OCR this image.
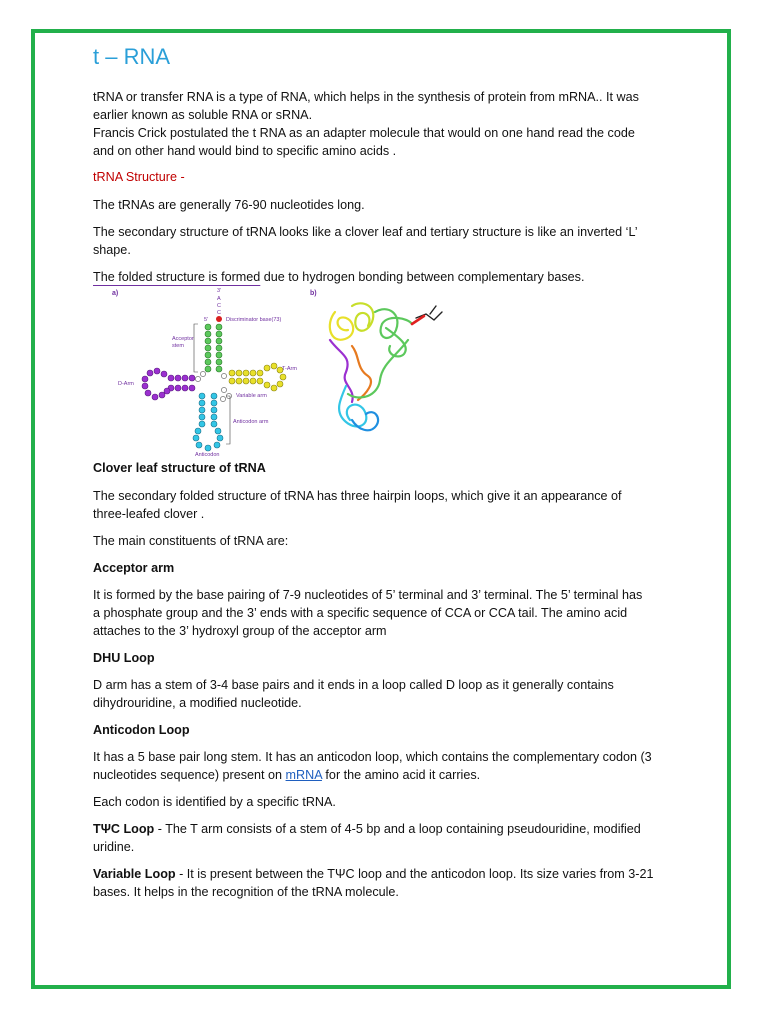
t – RNA

tRNA or transfer RNA is a type of RNA, which helps in the synthesis of protein from mRNA.. It was

earlier known as soluble RNA or sRNA.

Francis Crick postulated the t RNA as an adapter molecule that would on one hand read the code

and on other hand would bind to specific amino acids .

tRNA Structure -

The tRNAs are generally 76-90 nucleotides long.

The secondary structure of tRNA looks like a clover leaf and tertiary structure is like an inverted ‘L’

shape.

The folded structure is formed due to hydrogen bonding between complementary bases.

a)	b)
3'
A
C
C
5'	Discriminator base(73)
Acceptor
stem
D-Arm
T-Arm
Variable arm
Anticodon arm
Anticodon

Clover leaf structure of tRNA

The secondary folded structure of tRNA has three hairpin loops, which give it an appearance of

three-leafed clover .

The main constituents of tRNA are:

Acceptor arm

It is formed by the base pairing of 7-9 nucleotides of 5’ terminal and 3’ terminal. The 5’ terminal has

a phosphate group and the 3’ ends with a specific sequence of CCA or CCA tail. The amino acid

attaches to the 3’ hydroxyl group of the acceptor arm

DHU Loop

D arm has a stem of 3-4 base pairs and it ends in a loop called D loop as it generally contains

dihydrouridine, a modified nucleotide.

Anticodon Loop

It has a 5 base pair long stem. It has an anticodon loop, which contains the complementary codon (3

nucleotides sequence) present on mRNA for the amino acid it carries.

Each codon is identified by a specific tRNA.

TΨC Loop - The T arm consists of a stem of 4-5 bp and a loop containing pseudouridine, modified

uridine.

Variable Loop - It is present between the TΨC loop and the anticodon loop. Its size varies from 3-21

bases. It helps in the recognition of the tRNA molecule.
